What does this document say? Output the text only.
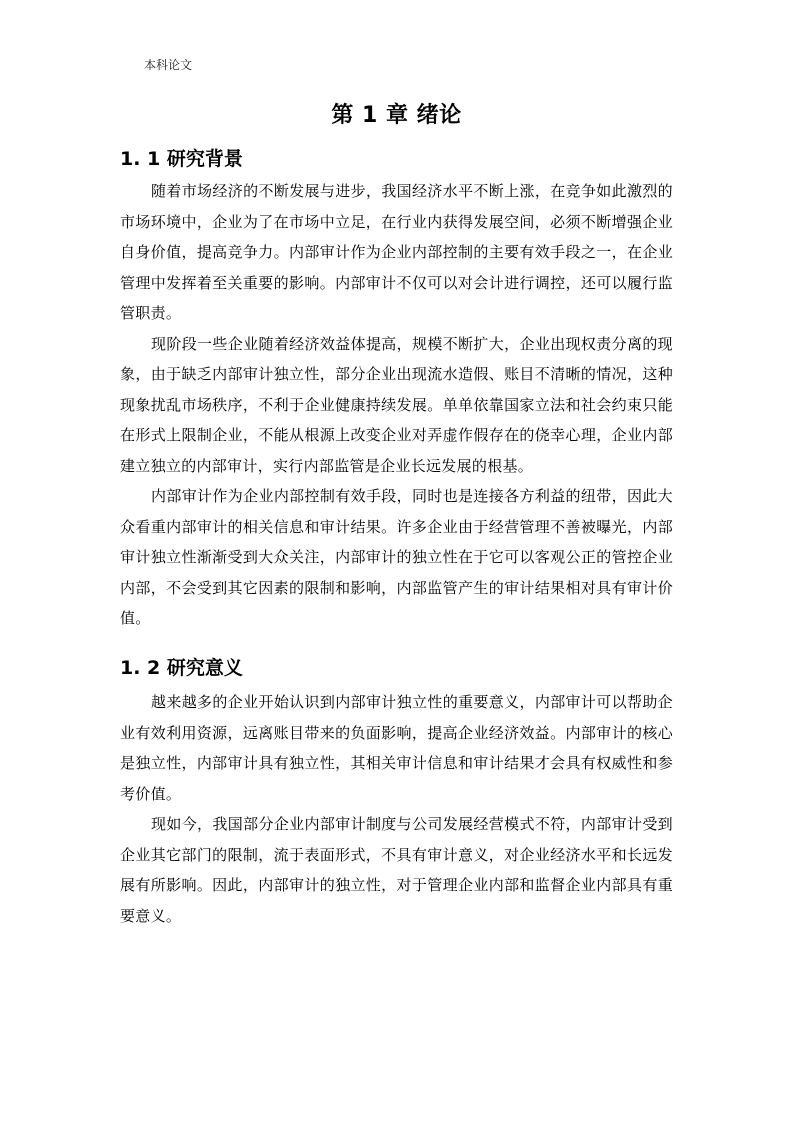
本科论文
第 1 章 绪论
1. 1 研究背景

随着市场经济的不断发展与进步，我国经济水平不断上涨，在竞争如此激烈的市场环境中，企业为了在市场中立足，在行业内获得发展空间，必须不断增强企业自身价值，提高竞争力。内部审计作为企业内部控制的主要有效手段之一，在企业管理中发挥着至关重要的影响。内部审计不仅可以对会计进行调控，还可以履行监管职责。

现阶段一些企业随着经济效益体提高，规模不断扩大，企业出现权责分离的现象，由于缺乏内部审计独立性，部分企业出现流水造假、账目不清晰的情况，这种现象扰乱市场秩序，不利于企业健康持续发展。单单依靠国家立法和社会约束只能在形式上限制企业，不能从根源上改变企业对弄虚作假存在的侥幸心理，企业内部建立独立的内部审计，实行内部监管是企业长远发展的根基。

内部审计作为企业内部控制有效手段，同时也是连接各方利益的纽带，因此大众看重内部审计的相关信息和审计结果。许多企业由于经营管理不善被曝光，内部审计独立性渐渐受到大众关注，内部审计的独立性在于它可以客观公正的管控企业内部，不会受到其它因素的限制和影响，内部监管产生的审计结果相对具有审计价值。

1. 2 研究意义

越来越多的企业开始认识到内部审计独立性的重要意义，内部审计可以帮助企业有效利用资源，远离账目带来的负面影响，提高企业经济效益。内部审计的核心是独立性，内部审计具有独立性，其相关审计信息和审计结果才会具有权威性和参考价值。

现如今，我国部分企业内部审计制度与公司发展经营模式不符，内部审计受到企业其它部门的限制，流于表面形式，不具有审计意义，对企业经济水平和长远发展有所影响。因此，内部审计的独立性，对于管理企业内部和监督企业内部具有重要意义。
